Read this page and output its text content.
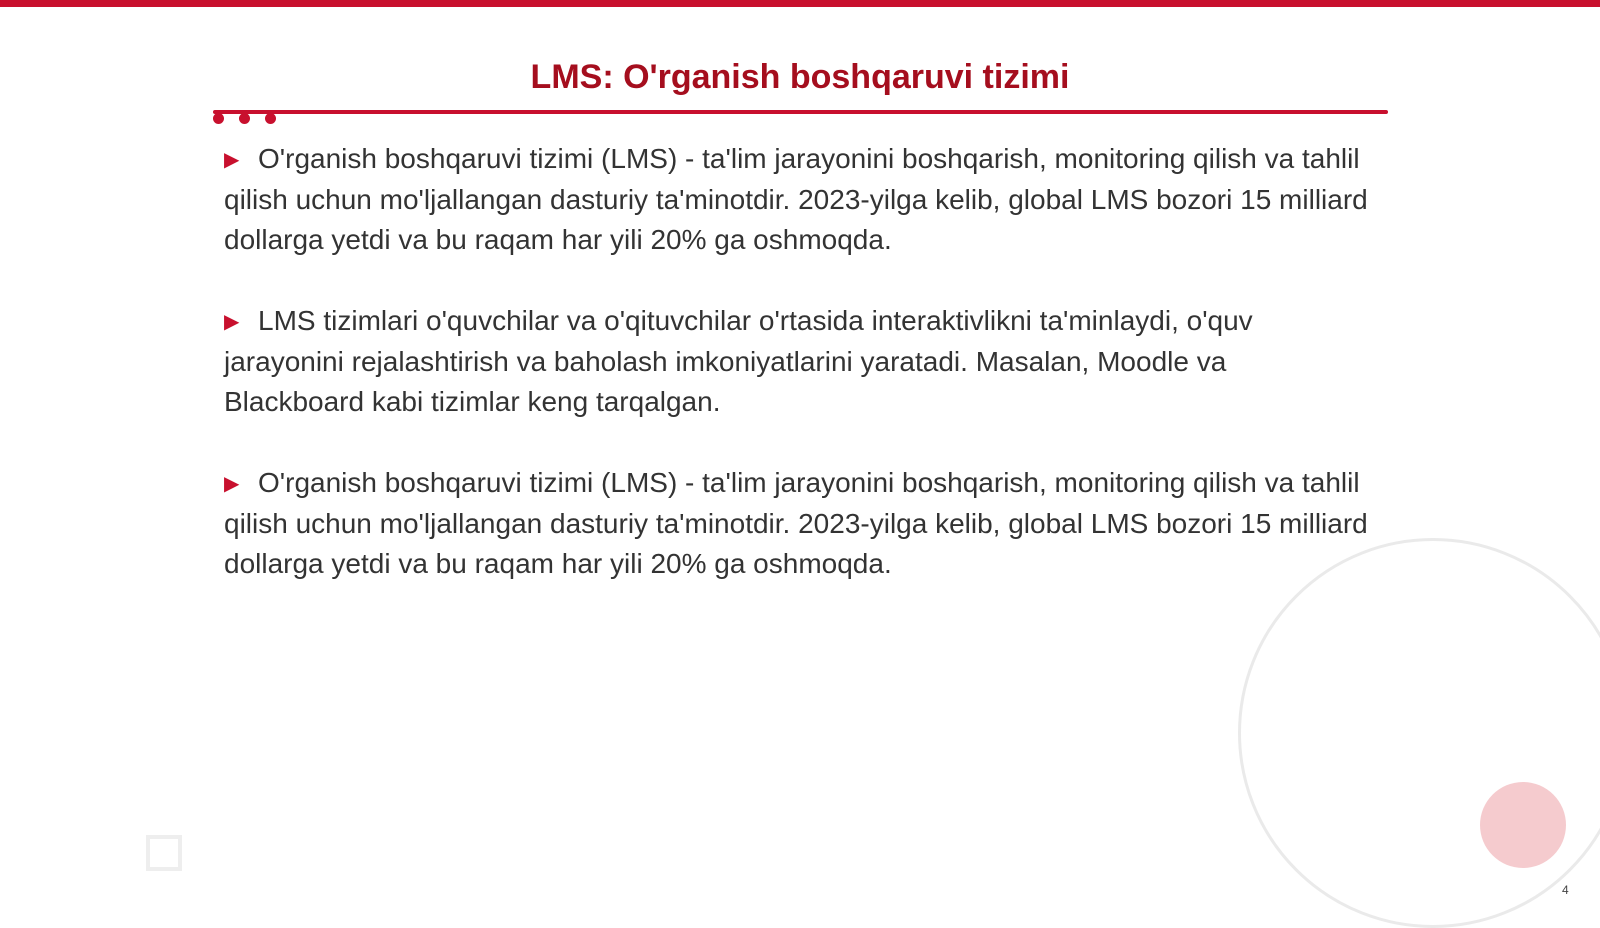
LMS: O'rganish boshqaruvi tizimi
▶ O'rganish boshqaruvi tizimi (LMS) - ta'lim jarayonini boshqarish, monitoring qilish va tahlil qilish uchun mo'ljallangan dasturiy ta'minotdir. 2023-yilga kelib, global LMS bozori 15 milliard dollarga yetdi va bu raqam har yili 20% ga oshmoqda.
▶ LMS tizimlari o'quvchilar va o'qituvchilar o'rtasida interaktivlikni ta'minlaydi, o'quv jarayonini rejalashtirish va baholash imkoniyatlarini yaratadi. Masalan, Moodle va Blackboard kabi tizimlar keng tarqalgan.
▶ O'rganish boshqaruvi tizimi (LMS) - ta'lim jarayonini boshqarish, monitoring qilish va tahlil qilish uchun mo'ljallangan dasturiy ta'minotdir. 2023-yilga kelib, global LMS bozori 15 milliard dollarga yetdi va bu raqam har yili 20% ga oshmoqda.
4
